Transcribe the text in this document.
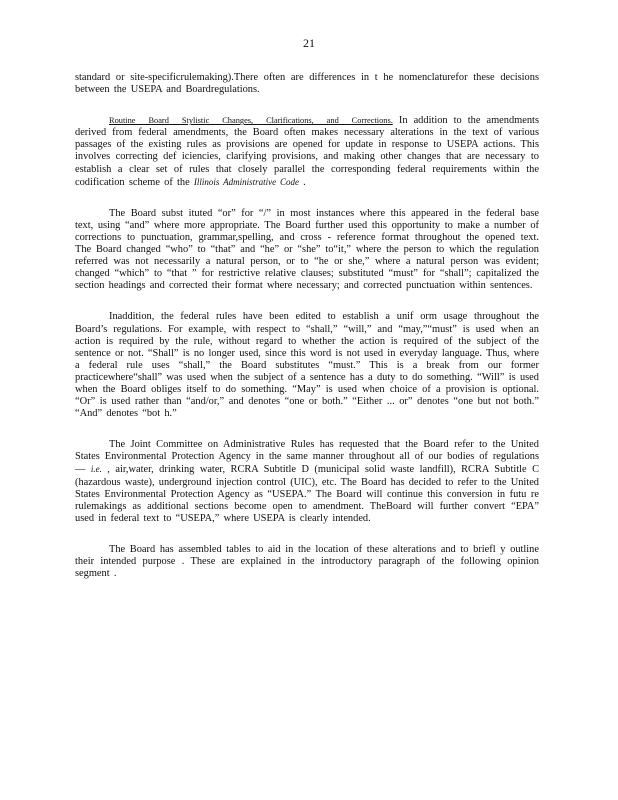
21

standard or site-specificrulemaking).There often are differences in t he nomenclaturefor these decisions between the USEPA and Boardregulations.

Routine Board Stylistic Changes, Clarifications, and Corrections. In addition to the amendments derived from federal amendments, the Board often makes necessary alterations in the text of various passages of the existing rules as provisions are opened for update in response to USEPA actions. This involves correcting def iciencies, clarifying provisions, and making other changes that are necessary to establish a clear set of rules that closely parallel the corresponding federal requirements within the codification scheme of the Illinois Administrative Code .

The Board subst ituted “or” for “/” in most instances where this appeared in the federal base text, using “and” where more appropriate. The Board further used this opportunity to make a number of corrections to punctuation, grammar,spelling, and cross - reference format throughout the opened text. The Board changed “who” to “that” and “he” or “she” to“it,” where the person to which the regulation referred was not necessarily a natural person, or to “he or she,” where a natural person was evident; changed “which” to “that ” for restrictive relative clauses; substituted “must” for “shall”; capitalized the section headings and corrected their format where necessary; and corrected punctuation within sentences.

Inaddition, the federal rules have been edited to establish a unif orm usage throughout the Board’s regulations. For example, with respect to “shall,” “will,” and “may,”“must” is used when an action is required by the rule, without regard to whether the action is required of the subject of the sentence or not. “Shall” is no longer used, since this word is not used in everyday language. Thus, where a federal rule uses “shall,” the Board substitutes “must.” This is a break from our former practicewhere“shall” was used when the subject of a sentence has a duty to do something. “Will” is used when the Board obliges itself to do something. “May” is used when choice of a provision is optional. “Or” is used rather than “and/or,” and denotes “one or both.” “Either ... or” denotes “one but not both.” “And” denotes “bot h.”

The Joint Committee on Administrative Rules has requested that the Board refer to the United States Environmental Protection Agency in the same manner throughout all of our bodies of regulations — i.e. , air,water, drinking water, RCRA Subtitle D (municipal solid waste landfill), RCRA Subtitle C (hazardous waste), underground injection control (UIC), etc. The Board has decided to refer to the United States Environmental Protection Agency as “USEPA.” The Board will continue this conversion in futu re rulemakings as additional sections become open to amendment. TheBoard will further convert “EPA” used in federal text to “USEPA,” where USEPA is clearly intended.

The Board has assembled tables to aid in the location of these alterations and to briefl y outline their intended purpose . These are explained in the introductory paragraph of the following opinion segment .
